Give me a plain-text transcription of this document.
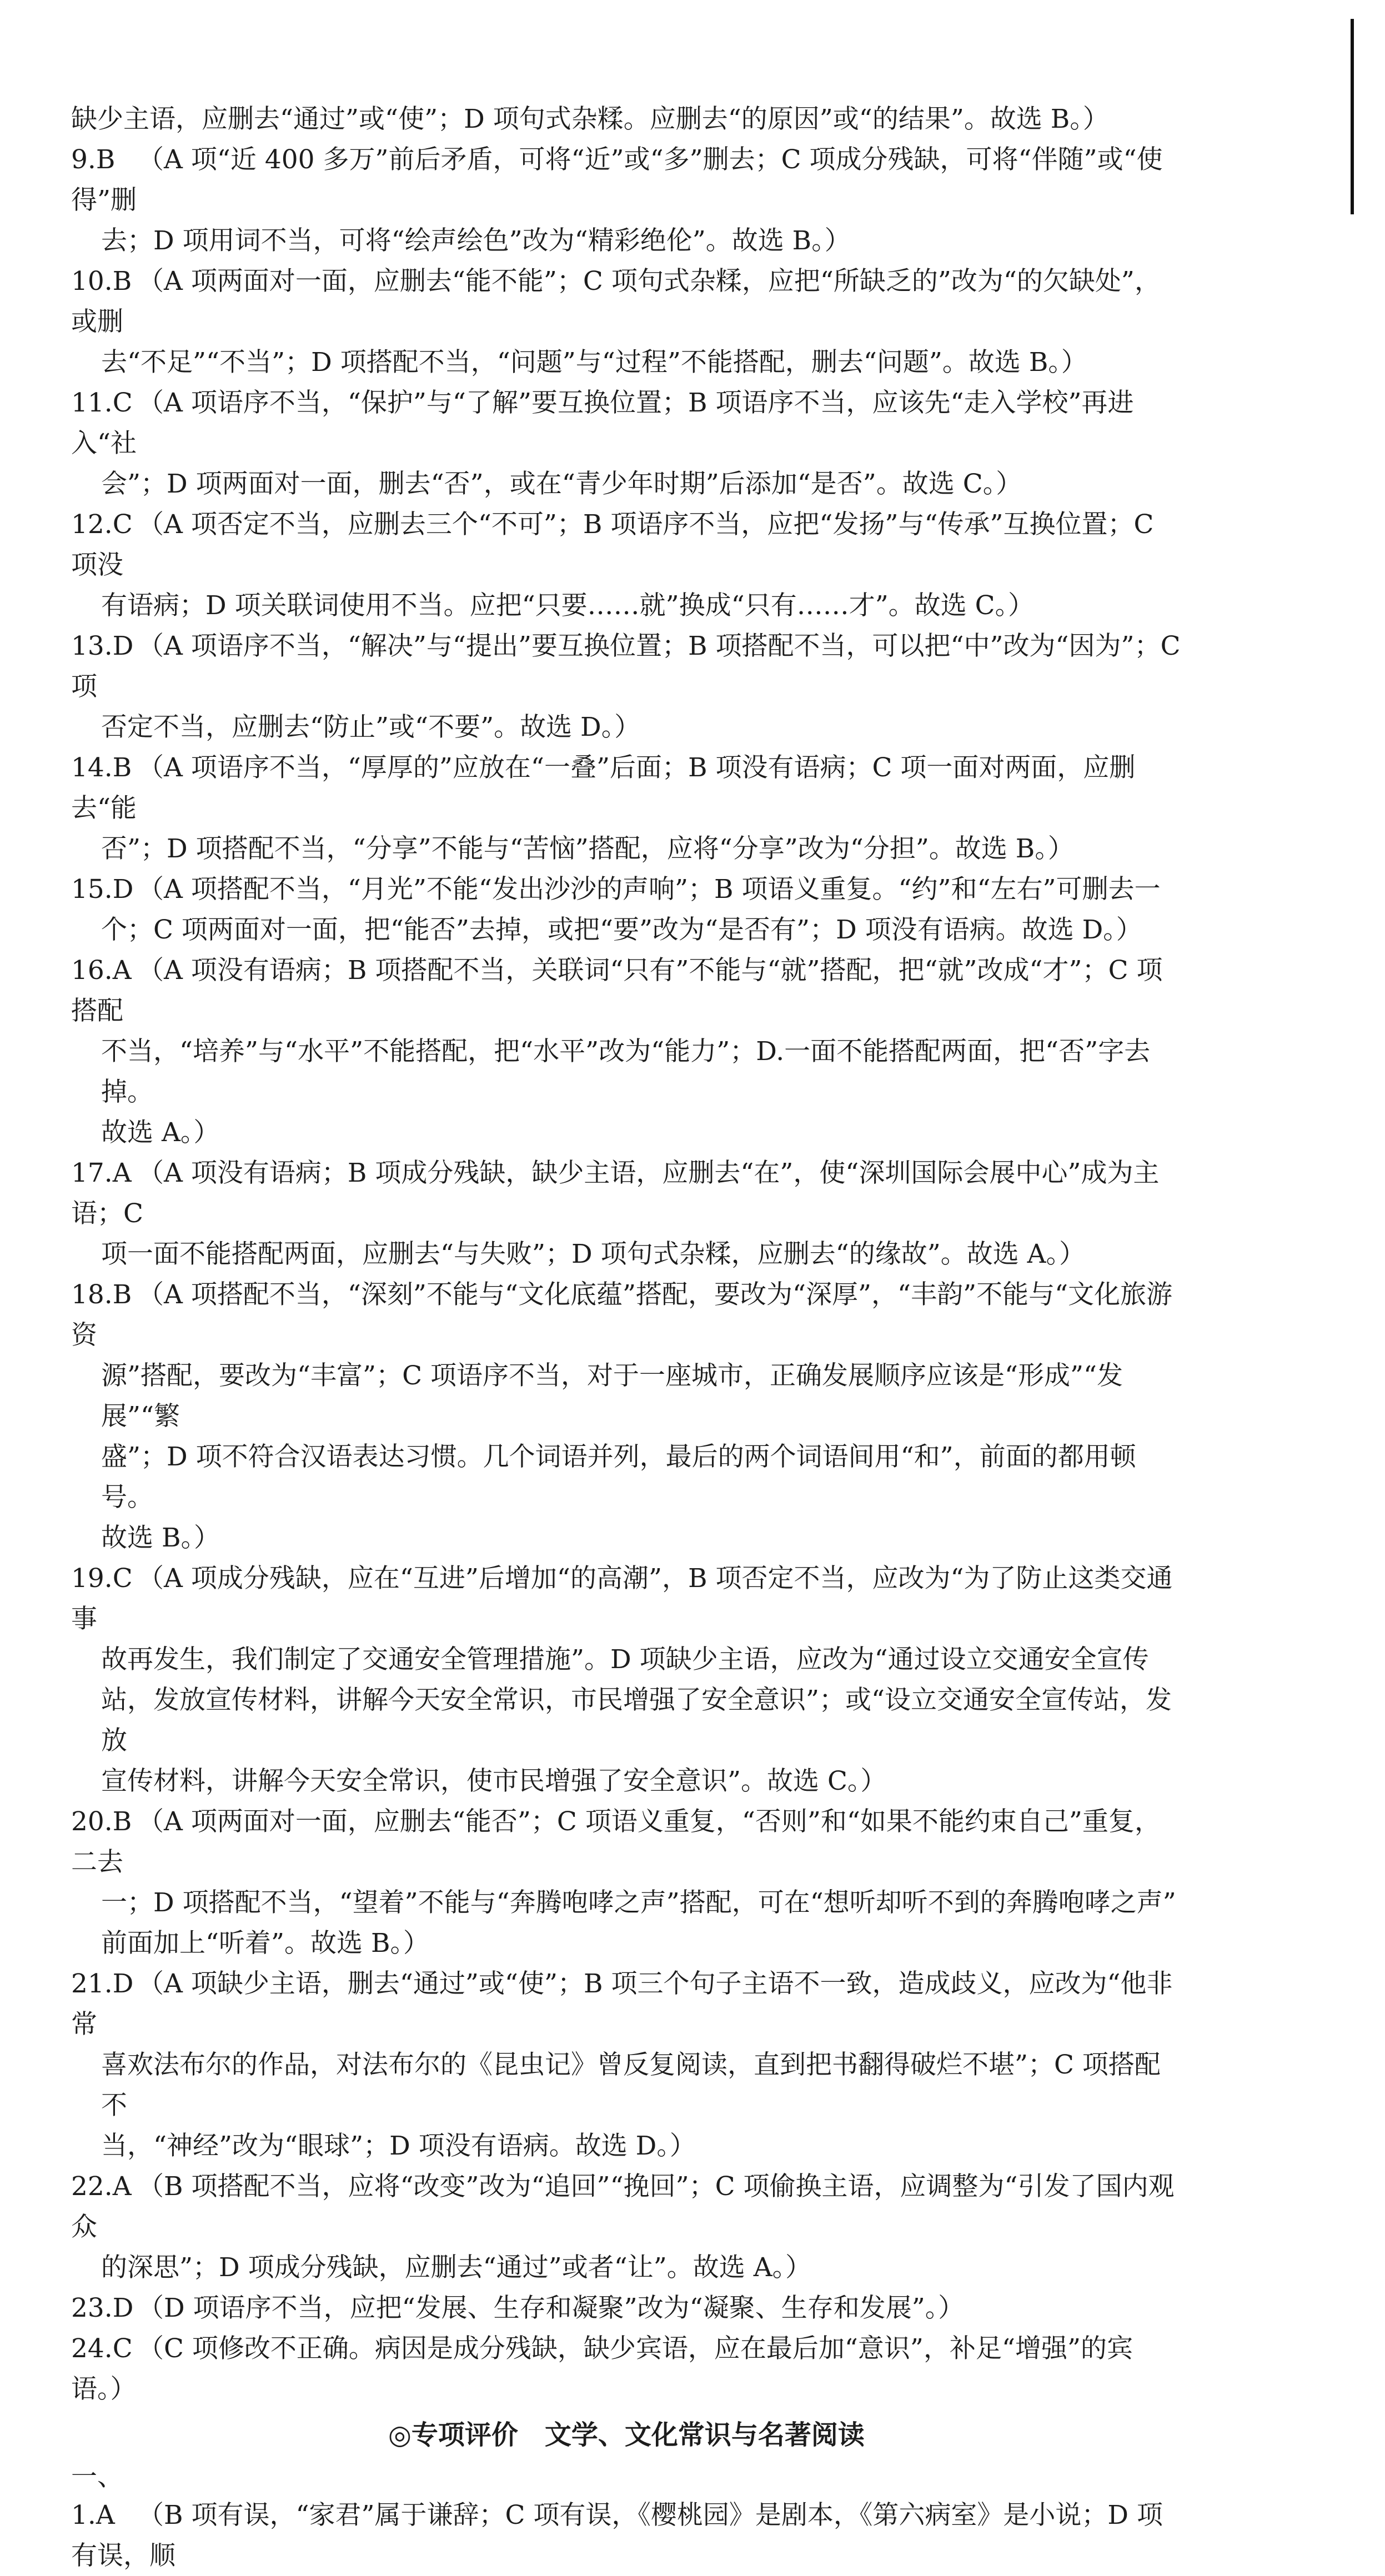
缺少主语，应删去“通过”或“使”；D 项句式杂糅。应删去“的原因”或“的结果”。故选 B。）
9.B （A 项“近 400 多万”前后矛盾，可将“近”或“多”删去；C 项成分残缺，可将“伴随”或“使得”删
去；D 项用词不当，可将“绘声绘色”改为“精彩绝伦”。故选 B。）
10.B （A 项两面对一面，应删去“能不能”；C 项句式杂糅，应把“所缺乏的”改为“的欠缺处”，或删
去“不足”“不当”；D 项搭配不当，“问题”与“过程”不能搭配，删去“问题”。故选 B。）
11.C （A 项语序不当，“保护”与“了解”要互换位置；B 项语序不当，应该先“走入学校”再进入“社
会”；D 项两面对一面，删去“否”，或在“青少年时期”后添加“是否”。故选 C。）
12.C （A 项否定不当，应删去三个“不可”；B 项语序不当，应把“发扬”与“传承”互换位置；C 项没
有语病；D 项关联词使用不当。应把“只要……就”换成“只有……才”。故选 C。）
13.D （A 项语序不当，“解决”与“提出”要互换位置；B 项搭配不当，可以把“中”改为“因为”；C 项
否定不当，应删去“防止”或“不要”。故选 D。）
14.B （A 项语序不当，“厚厚的”应放在“一叠”后面；B 项没有语病；C 项一面对两面，应删去“能
否”；D 项搭配不当，“分享”不能与“苦恼”搭配，应将“分享”改为“分担”。故选 B。）
15.D （A 项搭配不当，“月光”不能“发出沙沙的声响”；B 项语义重复。“约”和“左右”可删去一
个；C 项两面对一面，把“能否”去掉，或把“要”改为“是否有”；D 项没有语病。故选 D。）
16.A （A 项没有语病；B 项搭配不当，关联词“只有”不能与“就”搭配，把“就”改成“才”；C 项搭配
不当，“培养”与“水平”不能搭配，把“水平”改为“能力”；D.一面不能搭配两面，把“否”字去掉。
故选 A。）
17.A （A 项没有语病；B 项成分残缺，缺少主语，应删去“在”，使“深圳国际会展中心”成为主语；C
项一面不能搭配两面，应删去“与失败”；D 项句式杂糅，应删去“的缘故”。故选 A。）
18.B （A 项搭配不当，“深刻”不能与“文化底蕴”搭配，要改为“深厚”，“丰韵”不能与“文化旅游资
源”搭配，要改为“丰富”；C 项语序不当，对于一座城市，正确发展顺序应该是“形成”“发展”“繁
盛”；D 项不符合汉语表达习惯。几个词语并列，最后的两个词语间用“和”，前面的都用顿号。
故选 B。）
19.C （A 项成分残缺，应在“互进”后增加“的高潮”，B 项否定不当，应改为“为了防止这类交通事
故再发生，我们制定了交通安全管理措施”。D 项缺少主语，应改为“通过设立交通安全宣传
站，发放宣传材料，讲解今天安全常识，市民增强了安全意识”；或“设立交通安全宣传站，发放
宣传材料，讲解今天安全常识，使市民增强了安全意识”。故选 C。）
20.B （A 项两面对一面，应删去“能否”；C 项语义重复，“否则”和“如果不能约束自己”重复，二去
一；D 项搭配不当，“望着”不能与“奔腾咆哮之声”搭配，可在“想听却听不到的奔腾咆哮之声”
前面加上“听着”。故选 B。）
21.D （A 项缺少主语，删去“通过”或“使”；B 项三个句子主语不一致，造成歧义，应改为“他非常
喜欢法布尔的作品，对法布尔的《昆虫记》曾反复阅读，直到把书翻得破烂不堪”；C 项搭配不
当，“神经”改为“眼球”；D 项没有语病。故选 D。）
22.A （B 项搭配不当，应将“改变”改为“追回”“挽回”；C 项偷换主语，应调整为“引发了国内观众
的深思”；D 项成分残缺，应删去“通过”或者“让”。故选 A。）
23.D （D 项语序不当，应把“发展、生存和凝聚”改为“凝聚、生存和发展”。）
24.C （C 项修改不正确。病因是成分残缺，缺少宾语，应在最后加“意识”，补足“增强”的宾语。）
◎专项评价　文学、文化常识与名著阅读
一、
1.A （B 项有误，“家君”属于谦辞；C 项有误，《樱桃园》是剧本，《第六病室》是小说；D 项有误，顺
